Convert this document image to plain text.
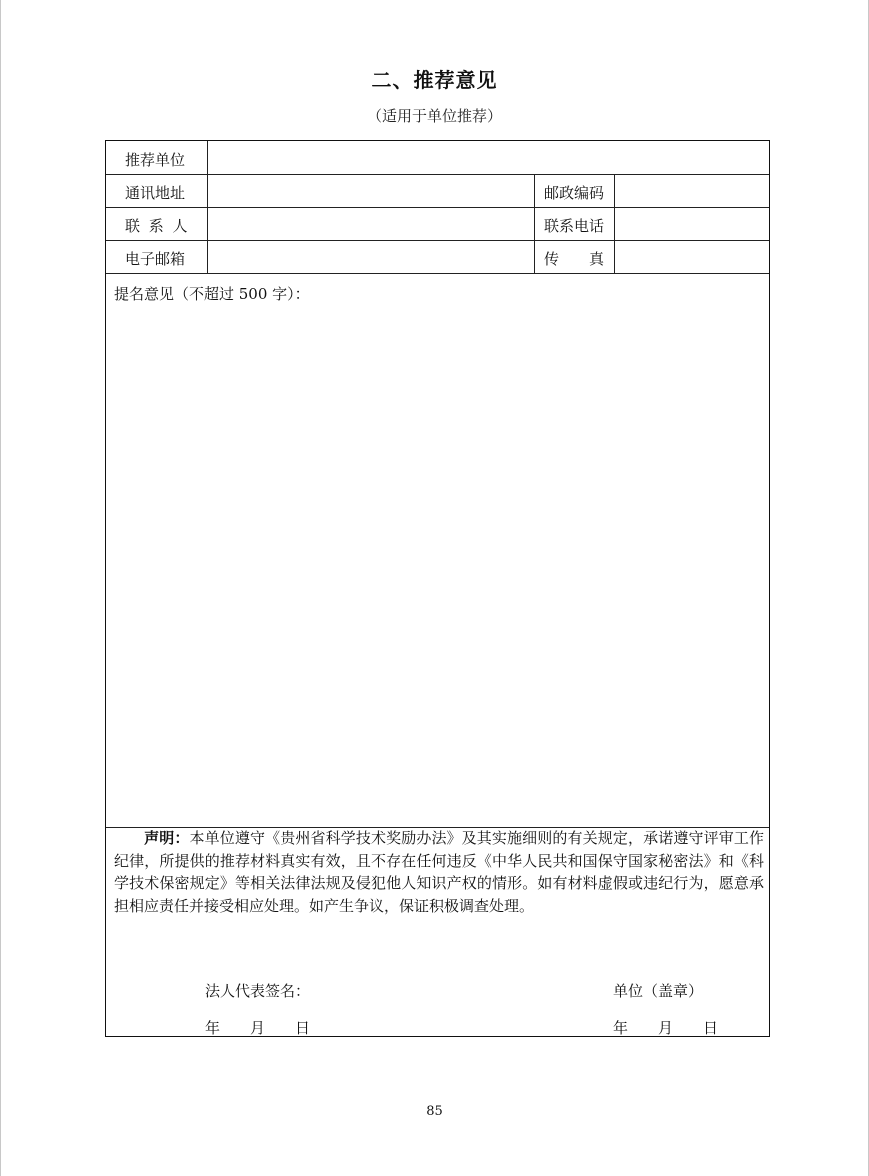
二、推荐意见
（适用于单位推荐）
推荐单位
通讯地址	邮政编码
联 系 人	联系电话
电子邮箱	传　　真
提名意见（不超过 500 字）：
声明：本单位遵守《贵州省科学技术奖励办法》及其实施细则的有关规定，承诺遵守评审工作纪律，所提供的推荐材料真实有效，且不存在任何违反《中华人民共和国保守国家秘密法》和《科学技术保密规定》等相关法律法规及侵犯他人知识产权的情形。如有材料虚假或违纪行为，愿意承担相应责任并接受相应处理。如产生争议，保证积极调查处理。
法人代表签名：	单位（盖章）
年　　月　　日	年　　月　　日
85
